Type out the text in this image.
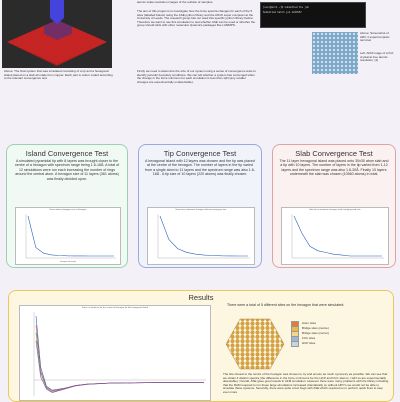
Above: The final system that was simulated consisting of a tip and a hexagonal island placed on a slab all made from copper. Each part is colour coded according to the relevant convergence test.
atomic scale resolution images of the surface of samples.
The aim of this project is to investigate how the force spectra changes for each of the 5 sites (labelled below) using the ASE python library and the ANCII super computer at the University of Leeds. The research group has not used this specific python library before. Therefore we want to use this simulation to test whether ASE can be used or whether the group should stick with other molecular dynamics packages like LAMMPS.
Firstly we need to determine the size of our system using a series of convergence tests to identify periodic boundary conditions. We can tell whether a system has converged when the change in the force minimum for each simulation is less than 1pN (any smaller changes are experimentally undetectable).
[user@arc4 ~]$ submitted the job
Submitted batch job 1234567
Above: Screenshot of ARC 4 supercomputer terminal.
Left: AFM image of a KCl crystal at true atomic resolution. [1]
Island Convergence Test
A simulated pyramidal tip with 8 layers was brought closer to the centre of a hexagon with spectrum range being 1.6-16Å. A total of 12 simulations were run each increasing the number of rings around the central atom. A hexagon size of 11 layers (361 atoms) was finally decided upon.
Force when changing size of hexagon
hexagon side length
Tip Convergence Test
A hexagonal island with 12 layers was chosen and the tip was placed at the centre of the hexagon. The number of layers in the tip varied from a single atom to 11 layers and the spectrum range was also 1.6-16Å . A tip size of 10 layers (220 atoms) was finally chosen.
How force minimum changes with increasing tip size
Slab Convergence Test
The 11 layer hexagonal island was placed onto 30x30 atom slab and a tip with 10 layers. The number of layers in the tip varied from 1-12 layers and the spectrum range was also 1.6-30Å. Finally 10 layers underneath the slab was chosen (10560 atoms) in total.
How force minimum changes with changing slab size
Results
Force vs distance for the centre of hexagon for the hexagonal island
There were a total of 5 different sites on the hexagon that were simulated:
Atom sites
Bridge sites (centre)
Bridge sites (corner)
FCC sites
HCP sites
The site closest to the centre of the hexagon was chosen to try and ensure as much symmetry as possible. We can see that we obtain 4 distinct spectra (the difference in the force minimums for the HCP and FCC sites is <1pN so are experimentally detectable). Overall, ASE gave good results in AFM simulation. However there were many problems with the library including that the RAM required to run these large simulations increased dramatically so without HPC's we would not be able to simulate these systems. Secondly, there were quite a few bugs with ASE which required us to perform quick fixes to step even more
